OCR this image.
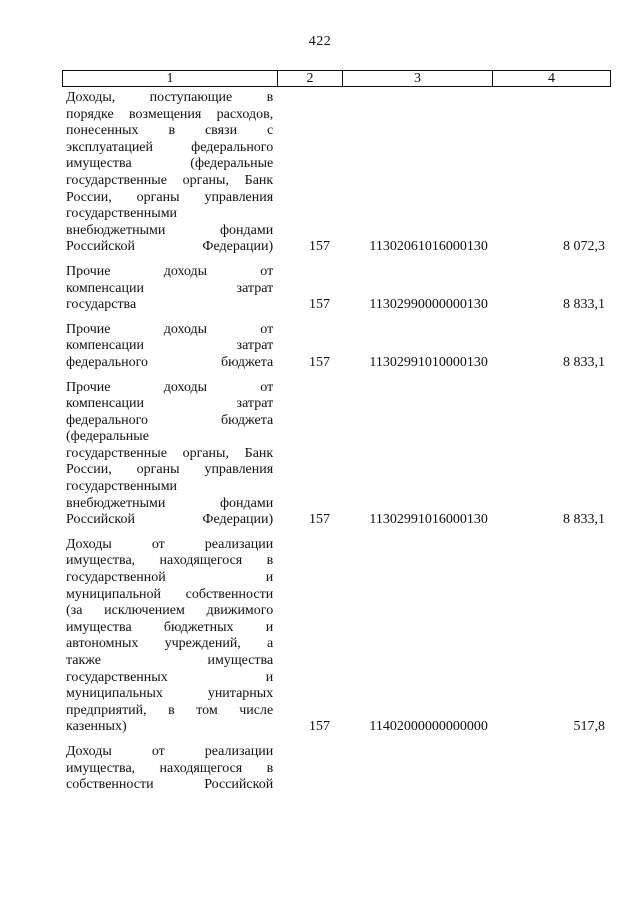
422
1	2	3	4
Доходы, поступающие в
порядке возмещения расходов,
понесенных в связи с
эксплуатацией федерального
имущества (федеральные
государственные органы, Банк
России, органы управления
государственными
внебюджетными фондами
Российской Федерации)	157	11302061016000130	8 072,3
Прочие доходы от
компенсации затрат
государства	157	11302990000000130	8 833,1
Прочие доходы от
компенсации затрат
федерального бюджета	157	11302991010000130	8 833,1
Прочие доходы от
компенсации затрат
федерального бюджета
(федеральные
государственные органы, Банк
России, органы управления
государственными
внебюджетными фондами
Российской Федерации)	157	11302991016000130	8 833,1
Доходы от реализации
имущества, находящегося в
государственной и
муниципальной собственности
(за исключением движимого
имущества бюджетных и
автономных учреждений, а
также имущества
государственных и
муниципальных унитарных
предприятий, в том числе
казенных)	157	11402000000000000	517,8
Доходы от реализации
имущества, находящегося в
собственности Российской
